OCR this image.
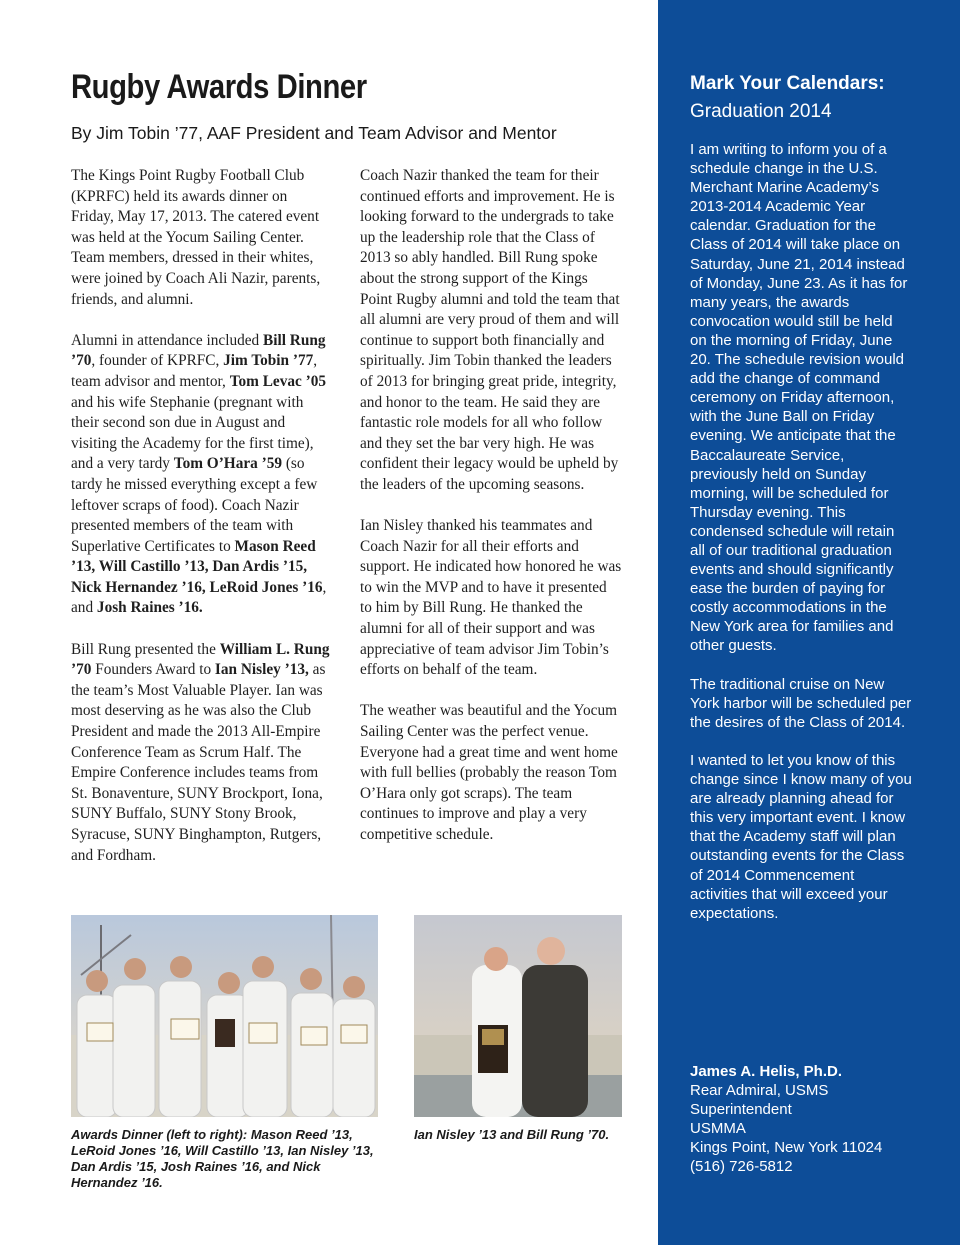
Rugby Awards Dinner
By Jim Tobin ’77, AAF President and Team Advisor and Mentor

The Kings Point Rugby Football Club (KPRFC) held its awards dinner on Friday, May 17, 2013. The catered event was held at the Yocum Sailing Center. Team members, dressed in their whites, were joined by Coach Ali Nazir, parents, friends, and alumni.

Alumni in attendance included Bill Rung ’70, founder of KPRFC, Jim Tobin ’77, team advisor and mentor, Tom Levac ’05 and his wife Stephanie (pregnant with their second son due in August and visiting the Academy for the first time), and a very tardy Tom O’Hara ’59 (so tardy he missed everything except a few leftover scraps of food). Coach Nazir presented members of the team with Superlative Certificates to Mason Reed ’13, Will Castillo ’13, Dan Ardis ’15, Nick Hernandez ’16, LeRoid Jones ’16, and Josh Raines ’16.

Bill Rung presented the William L. Rung ’70 Founders Award to Ian Nisley ’13, as the team’s Most Valuable Player. Ian was most deserving as he was also the Club President and made the 2013 All-Empire Conference Team as Scrum Half. The Empire Conference includes teams from St. Bonaventure, SUNY Brockport, Iona, SUNY Buffalo, SUNY Stony Brook, Syracuse, SUNY Binghampton, Rutgers, and Fordham.

Coach Nazir thanked the team for their continued efforts and improvement. He is looking forward to the undergrads to take up the leadership role that the Class of 2013 so ably handled. Bill Rung spoke about the strong support of the Kings Point Rugby alumni and told the team that all alumni are very proud of them and will continue to support both financially and spiritually. Jim Tobin thanked the leaders of 2013 for bringing great pride, integrity, and honor to the team. He said they are fantastic role models for all who follow and they set the bar very high. He was confident their legacy would be upheld by the leaders of the upcoming seasons.

Ian Nisley thanked his teammates and Coach Nazir for all their efforts and support. He indicated how honored he was to win the MVP and to have it presented to him by Bill Rung. He thanked the alumni for all of their support and was appreciative of team advisor Jim Tobin’s efforts on behalf of the team.

The weather was beautiful and the Yocum Sailing Center was the perfect venue. Everyone had a great time and went home with full bellies (probably the reason Tom O’Hara only got scraps). The team continues to improve and play a very competitive schedule.

Awards Dinner (left to right): Mason Reed ’13, LeRoid Jones ’16, Will Castillo ’13, Ian Nisley ’13, Dan Ardis ’15, Josh Raines ’16, and Nick Hernandez ’16.
Ian Nisley ’13 and Bill Rung ’70.
Mark Your Calendars:
Graduation 2014

I am writing to inform you of a schedule change in the U.S. Merchant Marine Academy’s 2013-2014 Academic Year calendar. Graduation for the Class of 2014 will take place on Saturday, June 21, 2014 instead of Monday, June 23. As it has for many years, the awards convocation would still be held on the morning of Friday, June 20. The schedule revision would add the change of command ceremony on Friday afternoon, with the June Ball on Friday evening. We anticipate that the Baccalaureate Service, previously held on Sunday morning, will be scheduled for Thursday evening. This condensed schedule will retain all of our traditional graduation events and should significantly ease the burden of paying for costly accommodations in the New York area for families and other guests.

The traditional cruise on New York harbor will be scheduled per the desires of the Class of 2014.

I wanted to let you know of this change since I know many of you are already planning ahead for this very important event. I know that the Academy staff will plan outstanding events for the Class of 2014 Commencement activities that will exceed your expectations.

James A. Helis, Ph.D.
Rear Admiral, USMS
Superintendent
USMMA
Kings Point, New York 11024
(516) 726-5812
